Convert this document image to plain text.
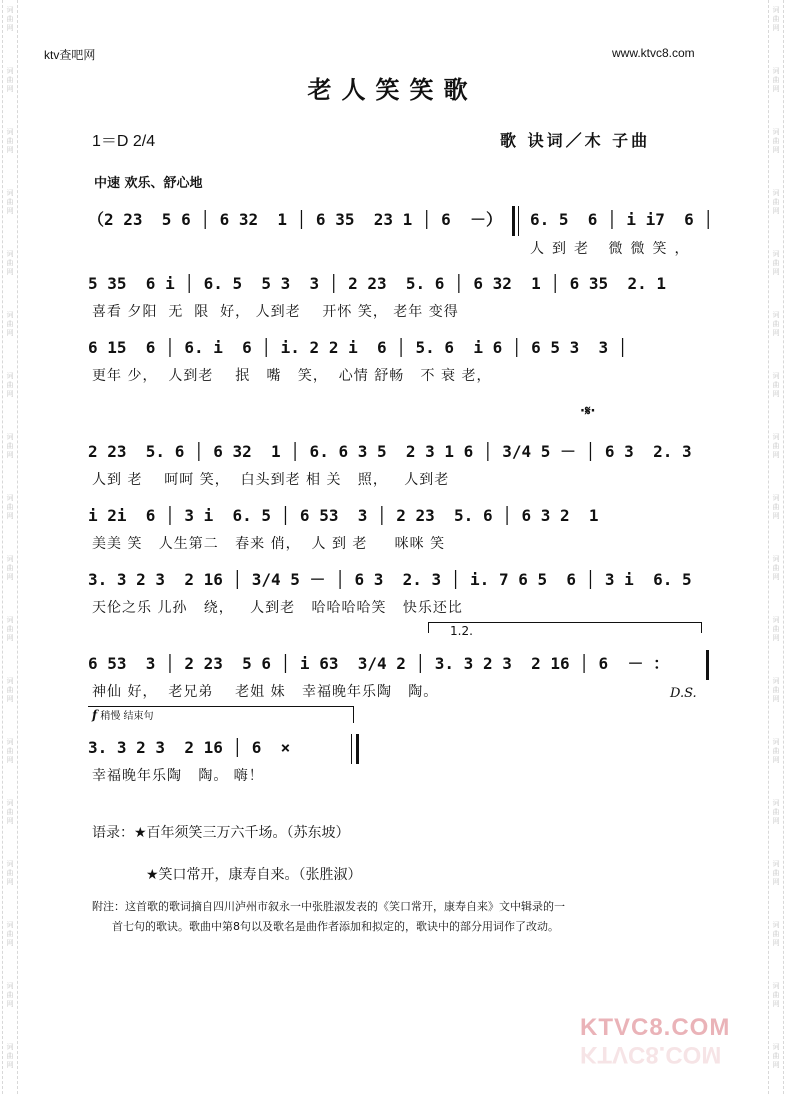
词
曲
网
词
曲
网
词
曲
网
词
曲
网
词
曲
网
词
曲
网
词
曲
网
词
曲
网
词
曲
网
词
曲
网
词
曲
网
词
曲
网
词
曲
网
词
曲
网
词
曲
网
词
曲
网
词
曲
网
词
曲
网
词
曲
网
词
曲
网
词
曲
网
词
曲
网
词
曲
网
词
曲
网
词
曲
网
词
曲
网
词
曲
网
词
曲
网
词
曲
网
词
曲
网
词
曲
网
词
曲
网
词
曲
网
词
曲
网
词
曲
网
词
曲
网
ktv查吧网	www.ktvc8.com
老人笑笑歌
1＝D 2/4	歌 诀词／木 子曲
中速 欢乐、舒心地
（2 23  5 6 │ 6 32  1 │ 6 35  23 1 │ 6  －）	6. 5  6 │ i i7  6 │
人到老 微微笑，
5 35  6 i │ 6. 5  5 3  3 │ 2 23  5. 6 │ 6 32  1 │ 6 35  2. 1
喜看 夕阳  无  限  好， 人到老    开怀 笑， 老年 变得
6 15  6 │ 6. i  6 │ i. 2 2 i  6 │ 5. 6  i 6 │ 6 5 3  3 │
更年 少，  人到老    抿   嘴   笑，  心情 舒畅   不 衰 老，
·𝄋·
2 23  5. 6 │ 6 32  1 │ 6. 6 3 5  2 3 1 6 │ 3/4 5 － │ 6 3  2. 3
人到 老    呵呵 笑，  白头到老 相 关   照，   人到老
i 2i  6 │ 3 i  6. 5 │ 6 53  3 │ 2 23  5. 6 │ 6 3 2  1
美美 笑   人生第二   春来 俏，  人 到 老     咪咪 笑
3. 3 2 3  2 16 │ 3/4 5 － │ 6 3  2. 3 │ i. 7 6 5  6 │ 3 i  6. 5
天伦之乐 儿孙   绕，   人到老   哈哈哈哈笑   快乐还比
1.2.
6 53  3 │ 2 23  5 6 │ i 63  3/4 2 │ 3. 3 2 3  2 16 │ 6  － ：
神仙 好，  老兄弟    老姐 妹   幸福晚年乐陶   陶。	D.S.
f 稍慢 结束句
3. 3 2 3  2 16 │ 6  ×
幸福晚年乐陶   陶。 嗨！
语录：★百年须笑三万六千场。（苏东坡）
★笑口常开，康寿自来。（张胜淑）
附注：这首歌的歌词摘自四川泸州市叙永一中张胜淑发表的《笑口常开，康寿自来》文中辑录的一
首七句的歌诀。歌曲中第8句以及歌名是曲作者添加和拟定的，歌诀中的部分用词作了改动。
KTVC8.COM
KTVC8.COM
